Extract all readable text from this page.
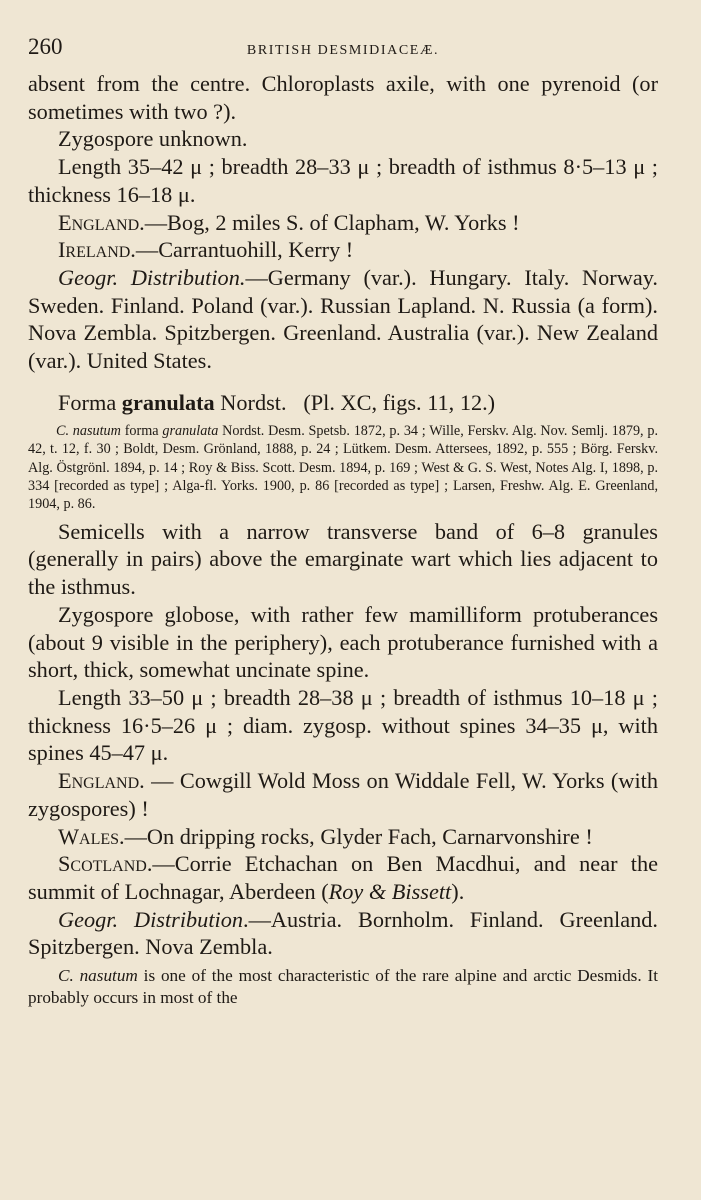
260	BRITISH DESMIDIACEÆ.

absent from the centre. Chloroplasts axile, with one pyrenoid (or sometimes with two ?).

Zygospore unknown.

Length 35–42 μ ; breadth 28–33 μ ; breadth of isthmus 8·5–13 μ ; thickness 16–18 μ.

England.—Bog, 2 miles S. of Clapham, W. Yorks !

Ireland.—Carrantuohill, Kerry !

Geogr. Distribution.—Germany (var.). Hungary. Italy. Norway. Sweden. Finland. Poland (var.). Russian Lapland. N. Russia (a form). Nova Zembla. Spitzbergen. Greenland. Australia (var.). New Zealand (var.). United States.

Forma granulata Nordst. (Pl. XC, figs. 11, 12.)
C. nasutum forma granulata Nordst. Desm. Spetsb. 1872, p. 34 ; Wille, Ferskv. Alg. Nov. Semlj. 1879, p. 42, t. 12, f. 30 ; Boldt, Desm. Grönland, 1888, p. 24 ; Lütkem. Desm. Attersees, 1892, p. 555 ; Börg. Ferskv. Alg. Östgrönl. 1894, p. 14 ; Roy & Biss. Scott. Desm. 1894, p. 169 ; West & G. S. West, Notes Alg. I, 1898, p. 334 [recorded as type] ; Alga-fl. Yorks. 1900, p. 86 [recorded as type] ; Larsen, Freshw. Alg. E. Greenland, 1904, p. 86.

Semicells with a narrow transverse band of 6–8 granules (generally in pairs) above the emarginate wart which lies adjacent to the isthmus.

Zygospore globose, with rather few mamilliform protuberances (about 9 visible in the periphery), each protuberance furnished with a short, thick, somewhat uncinate spine.

Length 33–50 μ ; breadth 28–38 μ ; breadth of isthmus 10–18 μ ; thickness 16·5–26 μ ; diam. zygosp. without spines 34–35 μ, with spines 45–47 μ.

England. — Cowgill Wold Moss on Widdale Fell, W. Yorks (with zygospores) !

Wales.—On dripping rocks, Glyder Fach, Carnarvonshire !

Scotland.—Corrie Etchachan on Ben Macdhui, and near the summit of Lochnagar, Aberdeen (Roy & Bissett).

Geogr. Distribution.—Austria. Bornholm. Finland. Greenland. Spitzbergen. Nova Zembla.

C. nasutum is one of the most characteristic of the rare alpine and arctic Desmids. It probably occurs in most of the
